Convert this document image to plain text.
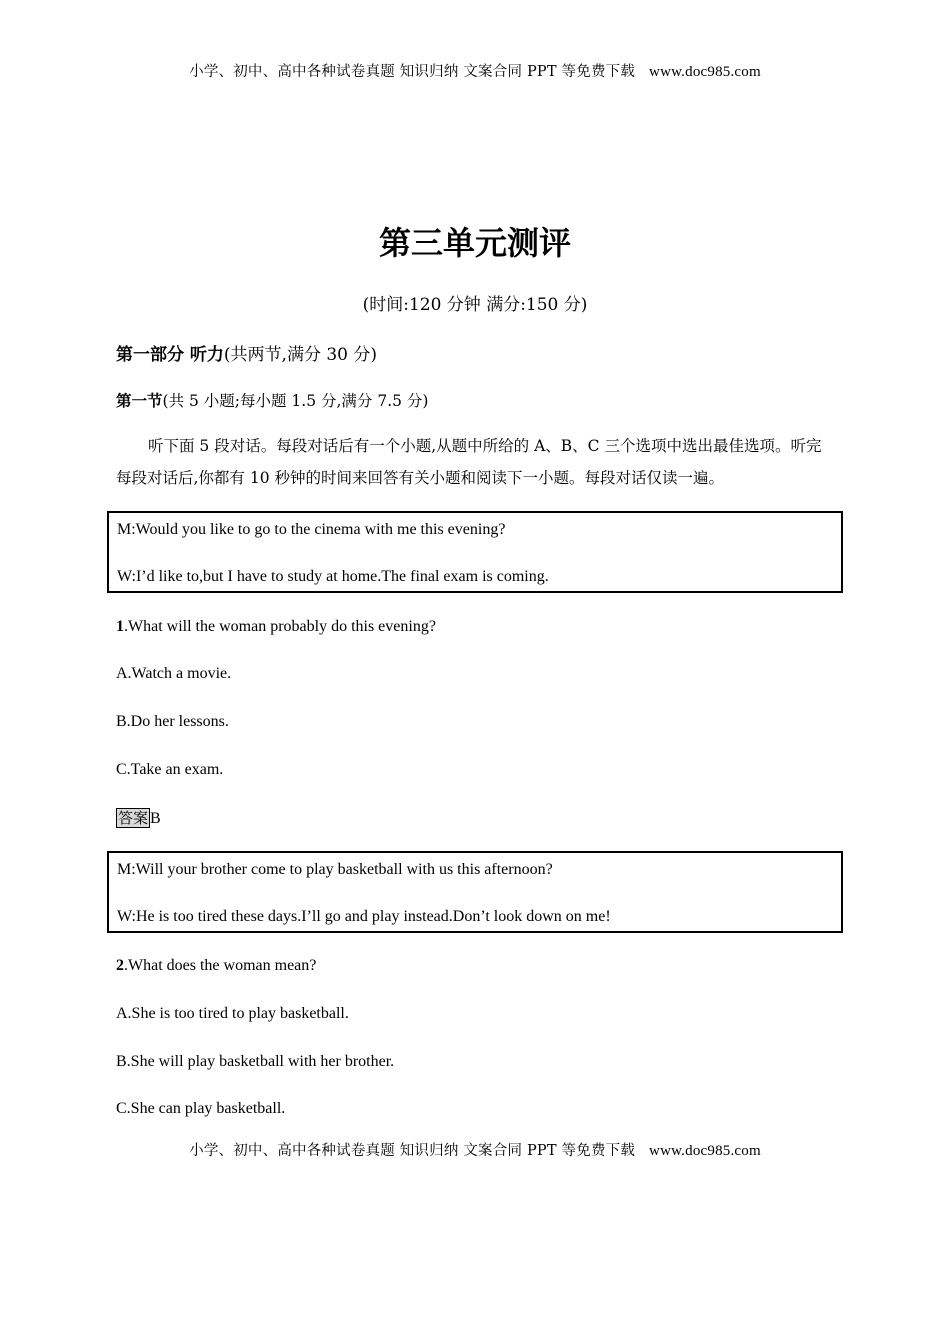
小学、初中、高中各种试卷真题 知识归纳 文案合同 PPT 等免费下载 www.doc985.com
第三单元测评
(时间:120 分钟 满分:150 分)
第一部分 听力(共两节,满分 30 分)
第一节(共 5 小题;每小题 1.5 分,满分 7.5 分)
听下面 5 段对话。每段对话后有一个小题,从题中所给的 A、B、C 三个选项中选出最佳选项。听完每段对话后,你都有 10 秒钟的时间来回答有关小题和阅读下一小题。每段对话仅读一遍。
M:Would you like to go to the cinema with me this evening?
W:I’d like to,but I have to study at home.The final exam is coming.
1.What will the woman probably do this evening?
A.Watch a movie.
B.Do her lessons.
C.Take an exam.
答案 B
M:Will your brother come to play basketball with us this afternoon?
W:He is too tired these days.I’ll go and play instead.Don’t look down on me!
2.What does the woman mean?
A.She is too tired to play basketball.
B.She will play basketball with her brother.
C.She can play basketball.
小学、初中、高中各种试卷真题 知识归纳 文案合同 PPT 等免费下载 www.doc985.com
